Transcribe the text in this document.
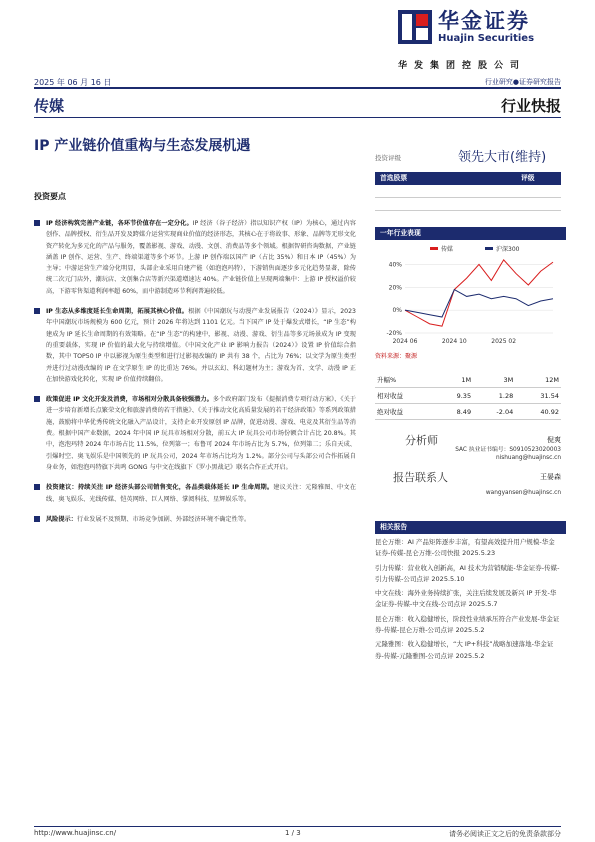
华金证券
Huajin Securities
华发集团控股公司
2025 年 06 月 16 日	行业研究●证券研究报告
传媒	行业快报
IP 产业链价值重构与生态发展机遇
投资要点
IP 经济构筑完善产业链，各环节价值存在一定分化。IP 经济（谷子经济）指以知识产权（IP）为核心，通过内容创作、品牌授权、衍生品开发及跨媒介运营实现商业价值的经济形态，其核心在于将故事、形象、品牌等无形文化资产转化为多元化的产品与服务，覆盖影视、游戏、动漫、文创、消费品等多个领域。根据智研咨询数据，产业链涵盖 IP 创作、运营、生产、终端渠道等多个环节。上游 IP 创作端以国产 IP（占比 35%）和日本 IP（45%）为主导；中游运营生产端分化明显，头部企业采用自建产能（如泡泡玛特），下游销售面逐步多元化趋势显著，除传统二次元门店外，潮玩店、文创集合店等新兴渠道增速达 40%。产业链价值上呈现两端集中：上游 IP 授权溢价较高，下游零售渠道利润率超 60%，而中游制造环节利润普遍较低。
IP 生态从多维度延长生命周期，拓展其核心价值。根据《中国潮玩与动漫产业发展报告（2024）》显示，2023 年中国潮玩市场规模为 600 亿元，预计 2026 年将达到 1101 亿元。当下国产 IP 处于爆发式增长，“IP 生态”构建成为 IP 延长生命周期的有效策略。在“IP 生态”的构建中，影视、动漫、游戏、衍生品等多元场景成为 IP 变现的重要载体，实现 IP 价值的最大化与持续增值。《中国文化产业 IP 影响力报告（2024）》设置 IP 价值综合指数，其中 TOP50 IP 中以影视为原生类型和进行过影视改编的 IP 共有 38 个，占比为 76%；以文学为原生类型并进行过动漫改编的 IP 在文学原生 IP 的比重达 76%。并以玄幻、科幻题材为主；游戏为首、文学、动漫 IP 正在加快游戏化转化，实现 IP 价值持续翻倍。
政策促进 IP 文化开发及消费，市场相对分散具备较强潜力。多个政府部门发布《提振消费专项行动方案》、《关于进一步培育新增长点繁荣文化和旅游消费的若干措施》、《关于推动文化高质量发展的若干经济政策》等系列政策措施，鼓励将中华优秀传统文化融入产品设计，支持企业开发原创 IP 品牌，促进动漫、游戏、电竞及其衍生品等消费。根据中国产业数据，2024 年中国 IP 玩具市场相对分散，前五大 IP 玩具公司市场份额合计占比 20.8%。其中，泡泡玛特 2024 年市场占比 11.5%，位列第一；布鲁可 2024 年市场占比为 5.7%，位列第二；乐自天成、引爆时空、奥飞娱乐是中国领先的 IP 玩具公司，2024 年市场占比均为 1.2%。部分公司与头部公司合作拓展自身业务，如泡泡玛特旗下共鸣 GONG 与中文在线旗下《罗小黑战记》联名合作正式开启。
投资建议：持续关注 IP 经济头部公司销售变化，各品类载体延长 IP 生命周期。建议关注：元隆雅图、中文在线、奥飞娱乐、光线传媒、恺英网络、巨人网络、掌阅科技、星辉娱乐等。
风险提示：行业发展不及预期、市场竞争加剧、外部经济环境不确定性等。
投资评级	领先大市(维持)
首选股票	评级
一年行业表现
40%
20%
0%
-20%
2024 06	2024 10	2025 02
传媒	沪深300
资料来源：聚源
升幅%	1M	3M	12M
相对收益	9.35	1.28	31.54
绝对收益	8.49	-2.04	40.92
分析师	倪爽
SAC 执业证书编号：S0910523020003
nishuang@huajinsc.cn
报告联系人	王晏森
wangyansen@huajinsc.cn
相关报告
昆仑万维：AI 产品矩阵逐步丰富，有望高效提升用户规模-华金证券-传媒-昆仑万维-公司快报 2025.5.23
引力传媒：营业收入创新高，AI 技术为营销赋能-华金证券-传媒-引力传媒-公司点评 2025.5.10
中文在线：海外业务持续扩张，关注后续发展及新兴 IP 开发-华金证券-传媒-中文在线-公司点评 2025.5.7
昆仑万维：收入稳健增长，阶段性业绩承压符合产业发展-华金证券-传媒-昆仑万维-公司点评 2025.5.2
元隆雅图：收入稳健增长，“大 IP+科技”战略加速落地-华金证券-传媒-元隆雅图-公司点评 2025.5.2
http://www.huajinsc.cn/	1 / 3	请务必阅读正文之后的免责条款部分
